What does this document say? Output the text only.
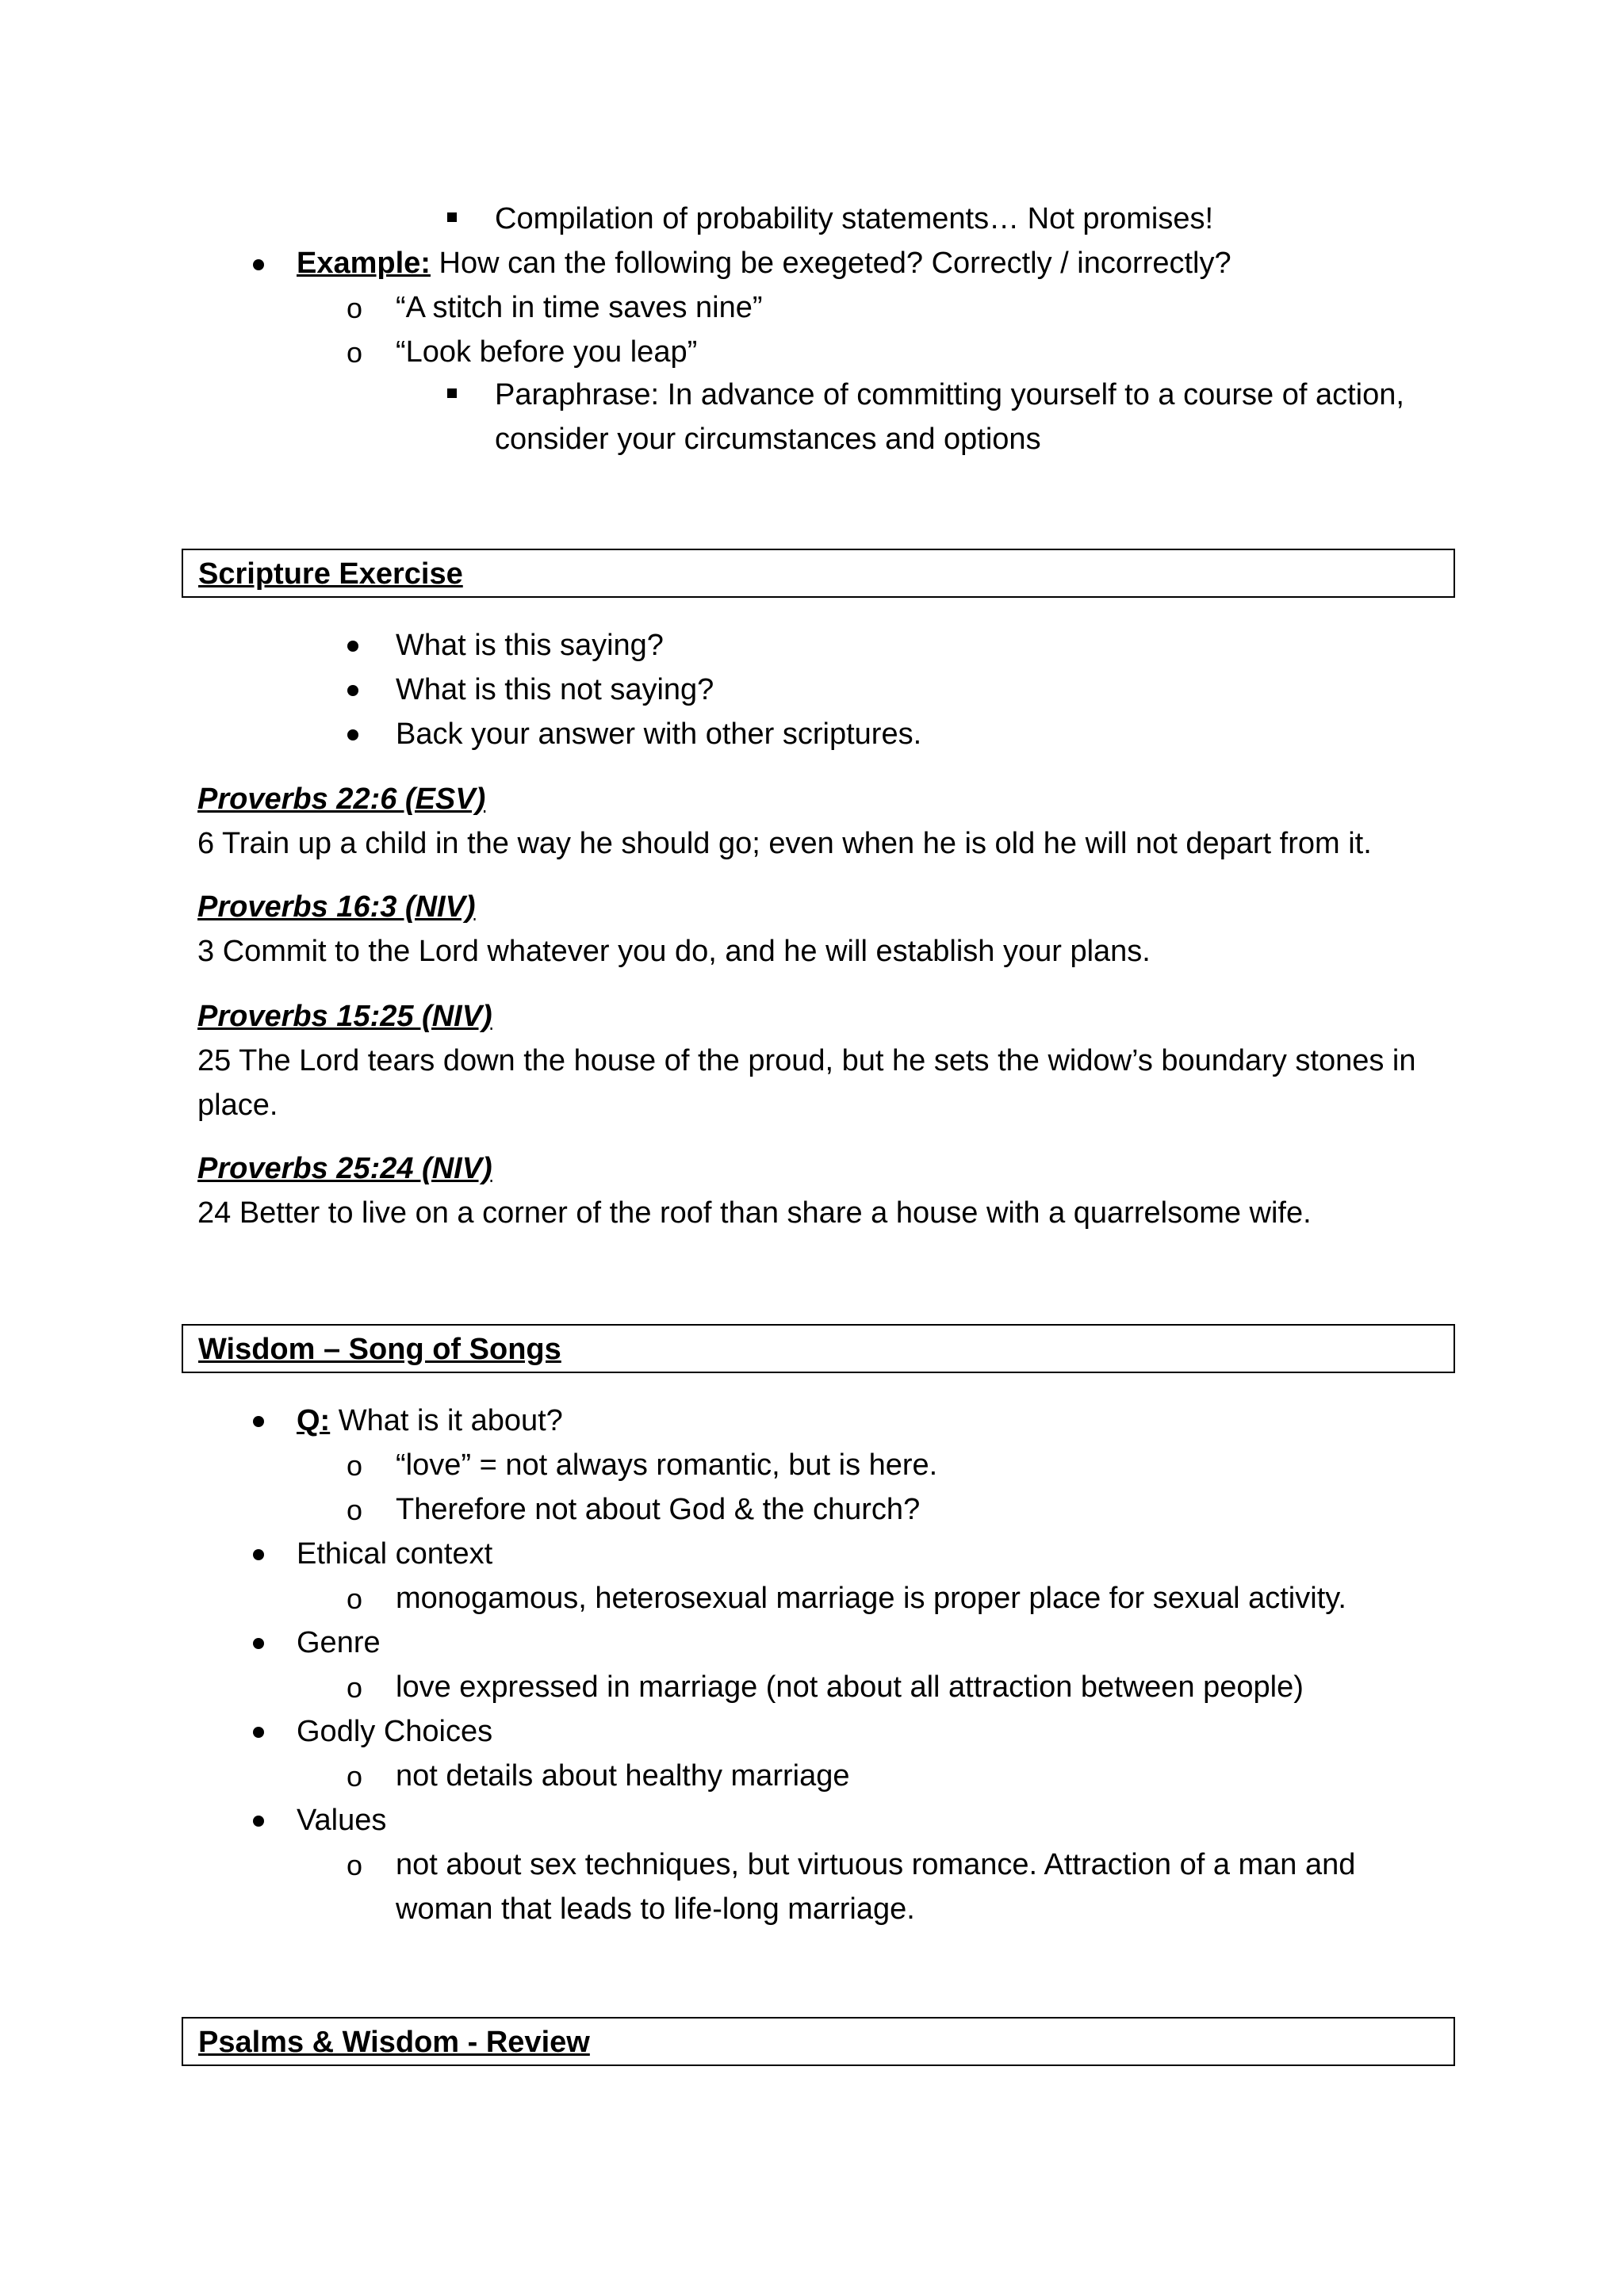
Compilation of probability statements… Not promises!
Example: How can the following be exegeted? Correctly / incorrectly?
o “A stitch in time saves nine”
o “Look before you leap”
Paraphrase: In advance of committing yourself to a course of action,
consider your circumstances and options
Scripture Exercise
What is this saying?
What is this not saying?
Back your answer with other scriptures.
Proverbs 22:6 (ESV)
6 Train up a child in the way he should go; even when he is old he will not depart from it.
Proverbs 16:3 (NIV)
3 Commit to the Lord whatever you do, and he will establish your plans.
Proverbs 15:25 (NIV)
25 The Lord tears down the house of the proud, but he sets the widow’s boundary stones in
place.
Proverbs 25:24 (NIV)
24 Better to live on a corner of the roof than share a house with a quarrelsome wife.
Wisdom – Song of Songs
Q: What is it about?
o “love” = not always romantic, but is here.
o Therefore not about God & the church?
Ethical context
o monogamous, heterosexual marriage is proper place for sexual activity.
Genre
o love expressed in marriage (not about all attraction between people)
Godly Choices
o not details about healthy marriage
Values
o not about sex techniques, but virtuous romance. Attraction of a man and
woman that leads to life-long marriage.
Psalms & Wisdom - Review
